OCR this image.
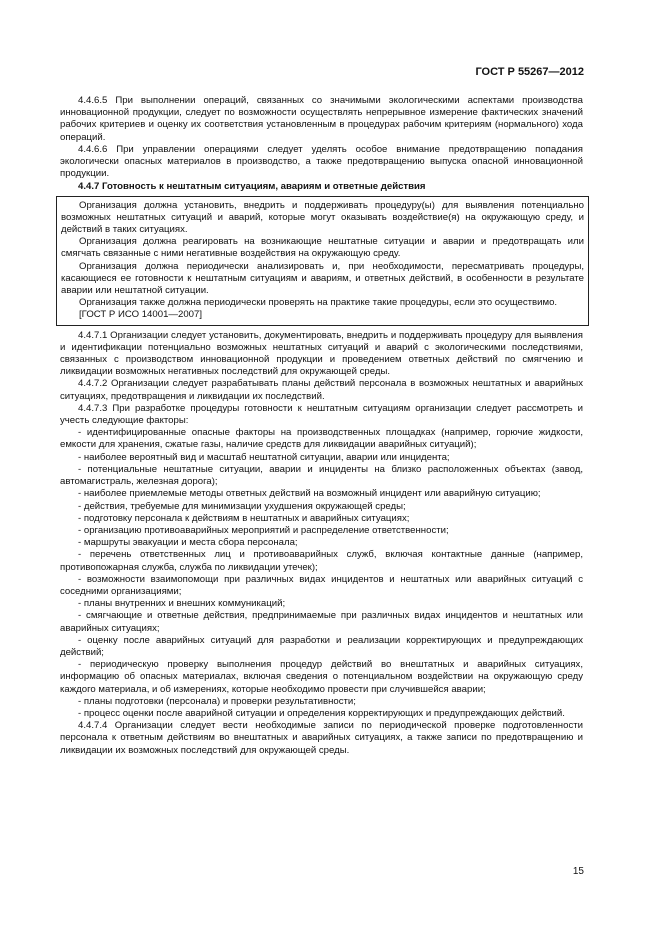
ГОСТ Р 55267—2012

4.4.6.5 При выполнении операций, связанных со значимыми экологическими аспектами производства инновационной продукции, следует по возможности осуществлять непрерывное измерение фактических значений рабочих критериев и оценку их соответствия установленным в процедурах рабочим критериям (нормального) хода операций.

4.4.6.6 При управлении операциями следует уделять особое внимание предотвращению попадания экологически опасных материалов в производство, а также предотвращению выпуска опасной инновационной продукции.

4.4.7 Готовность к нештатным ситуациям, авариям и ответные действия

Организация должна установить, внедрить и поддерживать процедуру(ы) для выявления потенциально возможных нештатных ситуаций и аварий, которые могут оказывать воздействие(я) на окружающую среду, и действий в таких ситуациях.

Организация должна реагировать на возникающие нештатные ситуации и аварии и предотвращать или смягчать связанные с ними негативные воздействия на окружающую среду.

Организация должна периодически анализировать и, при необходимости, пересматривать процедуры, касающиеся ее готовности к нештатным ситуациям и авариям, и ответных действий, в особенности в результате аварии или нештатной ситуации.

Организация также должна периодически проверять на практике такие процедуры, если это осуществимо.

[ГОСТ Р ИСО 14001—2007]

4.4.7.1 Организации следует установить, документировать, внедрить и поддерживать процедуру для выявления и идентификации потенциально возможных нештатных ситуаций и аварий с экологическими последствиями, связанных с производством инновационной продукции и проведением ответных действий по смягчению и ликвидации возможных негативных последствий для окружающей среды.

4.4.7.2 Организации следует разрабатывать планы действий персонала в возможных нештатных и аварийных ситуациях, предотвращения и ликвидации их последствий.

4.4.7.3 При разработке процедуры готовности к нештатным ситуациям организации следует рассмотреть и учесть следующие факторы:

- идентифицированные опасные факторы на производственных площадках (например, горючие жидкости, емкости для хранения, сжатые газы, наличие средств для ликвидации аварийных ситуаций);

- наиболее вероятный вид и масштаб нештатной ситуации, аварии или инцидента;

- потенциальные нештатные ситуации, аварии и инциденты на близко расположенных объектах (завод, автомагистраль, железная дорога);

- наиболее приемлемые методы ответных действий на возможный инцидент или аварийную ситуацию;

- действия, требуемые для минимизации ухудшения окружающей среды;

- подготовку персонала к действиям в нештатных и аварийных ситуациях;

- организацию противоаварийных мероприятий и распределение ответственности;

- маршруты эвакуации и места сбора персонала;

- перечень ответственных лиц и противоаварийных служб, включая контактные данные (например, противопожарная служба, служба по ликвидации утечек);

- возможности взаимопомощи при различных видах инцидентов и нештатных или аварийных ситуаций с соседними организациями;

- планы внутренних и внешних коммуникаций;

- смягчающие и ответные действия, предпринимаемые при различных видах инцидентов и нештатных или аварийных ситуациях;

- оценку после аварийных ситуаций для разработки и реализации корректирующих и предупреждающих действий;

- периодическую проверку выполнения процедур действий во внештатных и аварийных ситуациях, информацию об опасных материалах, включая сведения о потенциальном воздействии на окружающую среду каждого материала, и об измерениях, которые необходимо провести при случившейся аварии;

- планы подготовки (персонала) и проверки результативности;

- процесс оценки после аварийной ситуации и определения корректирующих и предупреждающих действий.

4.4.7.4 Организации следует вести необходимые записи по периодической проверке подготовленности персонала к ответным действиям во внештатных и аварийных ситуациях, а также записи по предотвращению и ликвидации их возможных последствий для окружающей среды.

15
